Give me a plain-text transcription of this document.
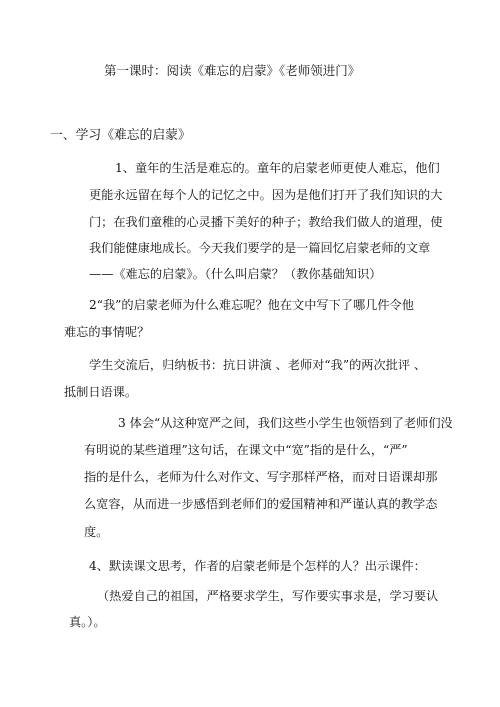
第一课时：阅读《难忘的启蒙》《老师领进门》
一、学习《难忘的启蒙》
1、童年的生活是难忘的。童年的启蒙老师更使人难忘，他们
更能永远留在每个人的记忆之中。因为是他们打开了我们知识的大
门；在我们童稚的心灵播下美好的种子；教给我们做人的道理，使
我们能健康地成长。今天我们要学的是一篇回忆启蒙老师的文章
——《难忘的启蒙》。（什么叫启蒙？（教你基础知识）
2“我”的启蒙老师为什么难忘呢？他在文中写下了哪几件令他
难忘的事情呢？
学生交流后，归纳板书：抗日讲演 、老师对“我”的两次批评 、
抵制日语课。
3 体会“从这种宽严之间，我们这些小学生也领悟到了老师们没
有明说的某些道理”这句话，在课文中“宽”指的是什么，“严”
指的是什么，老师为什么对作文、写字那样严格，而对日语课却那
么宽容，从而进一步感悟到老师们的爱国精神和严谨认真的教学态
度。
4、默读课文思考，作者的启蒙老师是个怎样的人？出示课件：
（热爱自己的祖国，严格要求学生，写作要实事求是，学习要认
真。）。
